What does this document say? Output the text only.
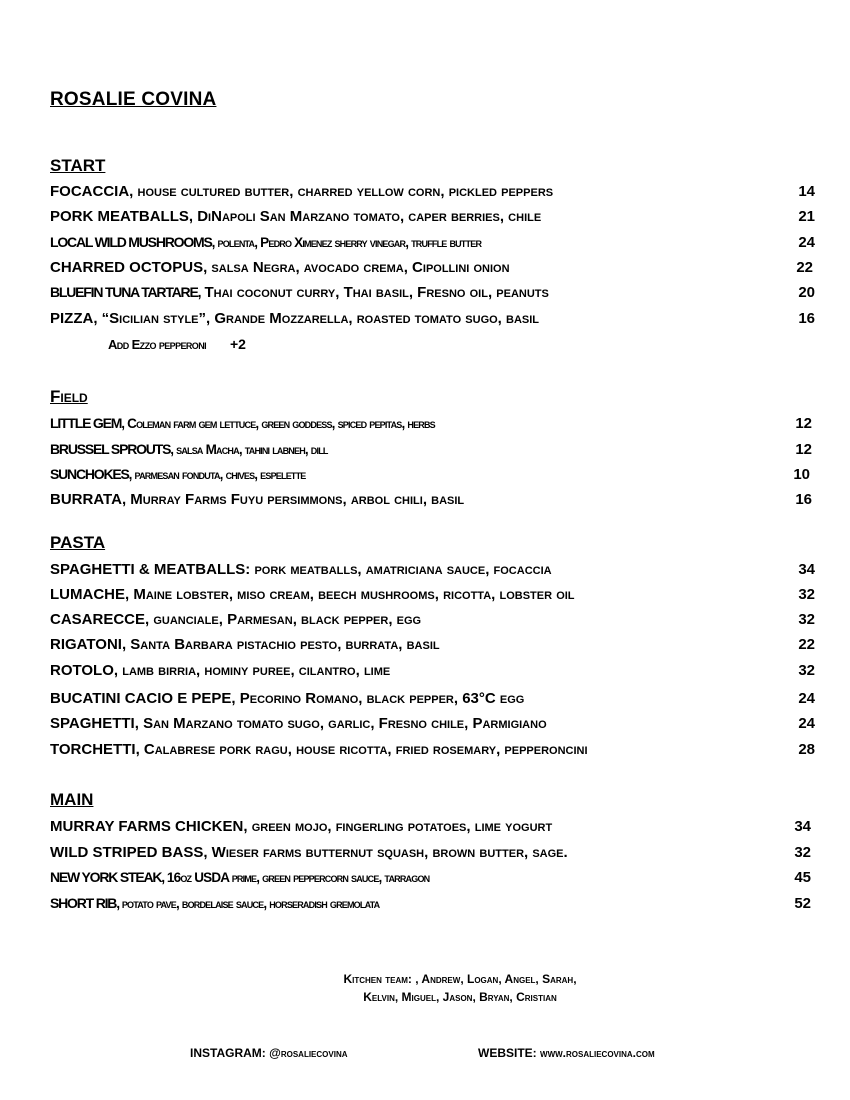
ROSALIE COVINA
START
FOCACCIA, house cultured butter, charred yellow corn, pickled peppers	14
PORK MEATBALLS, DiNapoli San Marzano tomato, caper berries, chile	21
LOCAL WILD MUSHROOMS, polenta, Pedro Ximenez sherry vinegar, truffle butter	24
CHARRED OCTOPUS, salsa Negra, avocado crema, Cipollini onion	22
BLUEFIN TUNA TARTARE, Thai coconut curry, Thai basil, Fresno oil, peanuts	20
PIZZA, “Sicilian style”, Grande Mozzarella, roasted tomato sugo, basil	16
Add Ezzo pepperoni +2
Field
LITTLE GEM, Coleman farm gem lettuce, green goddess, spiced pepitas, herbs	12
BRUSSEL SPROUTS, salsa Macha, tahini labneh, dill	12
SUNCHOKES, parmesan fonduta, chives, espelette	10
BURRATA, Murray Farms Fuyu persimmons, arbol chili, basil	16
PASTA
SPAGHETTI & MEATBALLS: pork meatballs, amatriciana sauce, focaccia	34
LUMACHE, Maine lobster, miso cream, beech mushrooms, ricotta, lobster oil	32
CASARECCE, guanciale, Parmesan, black pepper, egg	32
RIGATONI, Santa Barbara pistachio pesto, burrata, basil	22
ROTOLO, lamb birria, hominy puree, cilantro, lime	32
BUCATINI CACIO E PEPE, Pecorino Romano, black pepper, 63°C egg	24
SPAGHETTI, San Marzano tomato sugo, garlic, Fresno chile, Parmigiano	24
TORCHETTI, Calabrese pork ragu, house ricotta, fried rosemary, pepperoncini	28
MAIN
MURRAY FARMS CHICKEN, green mojo, fingerling potatoes, lime yogurt	34
WILD STRIPED BASS, Wieser farms butternut squash, brown butter, sage.	32
NEW YORK STEAK, 16oz USDA prime, green peppercorn sauce, tarragon	45
SHORT RIB, potato pave, bordelaise sauce, horseradish gremolata	52
Kitchen team: , Andrew, Logan, Angel, Sarah,
Kelvin, Miguel, Jason, Bryan, Cristian
INSTAGRAM: @rosaliecovina	WEBSITE: www.rosaliecovina.com
